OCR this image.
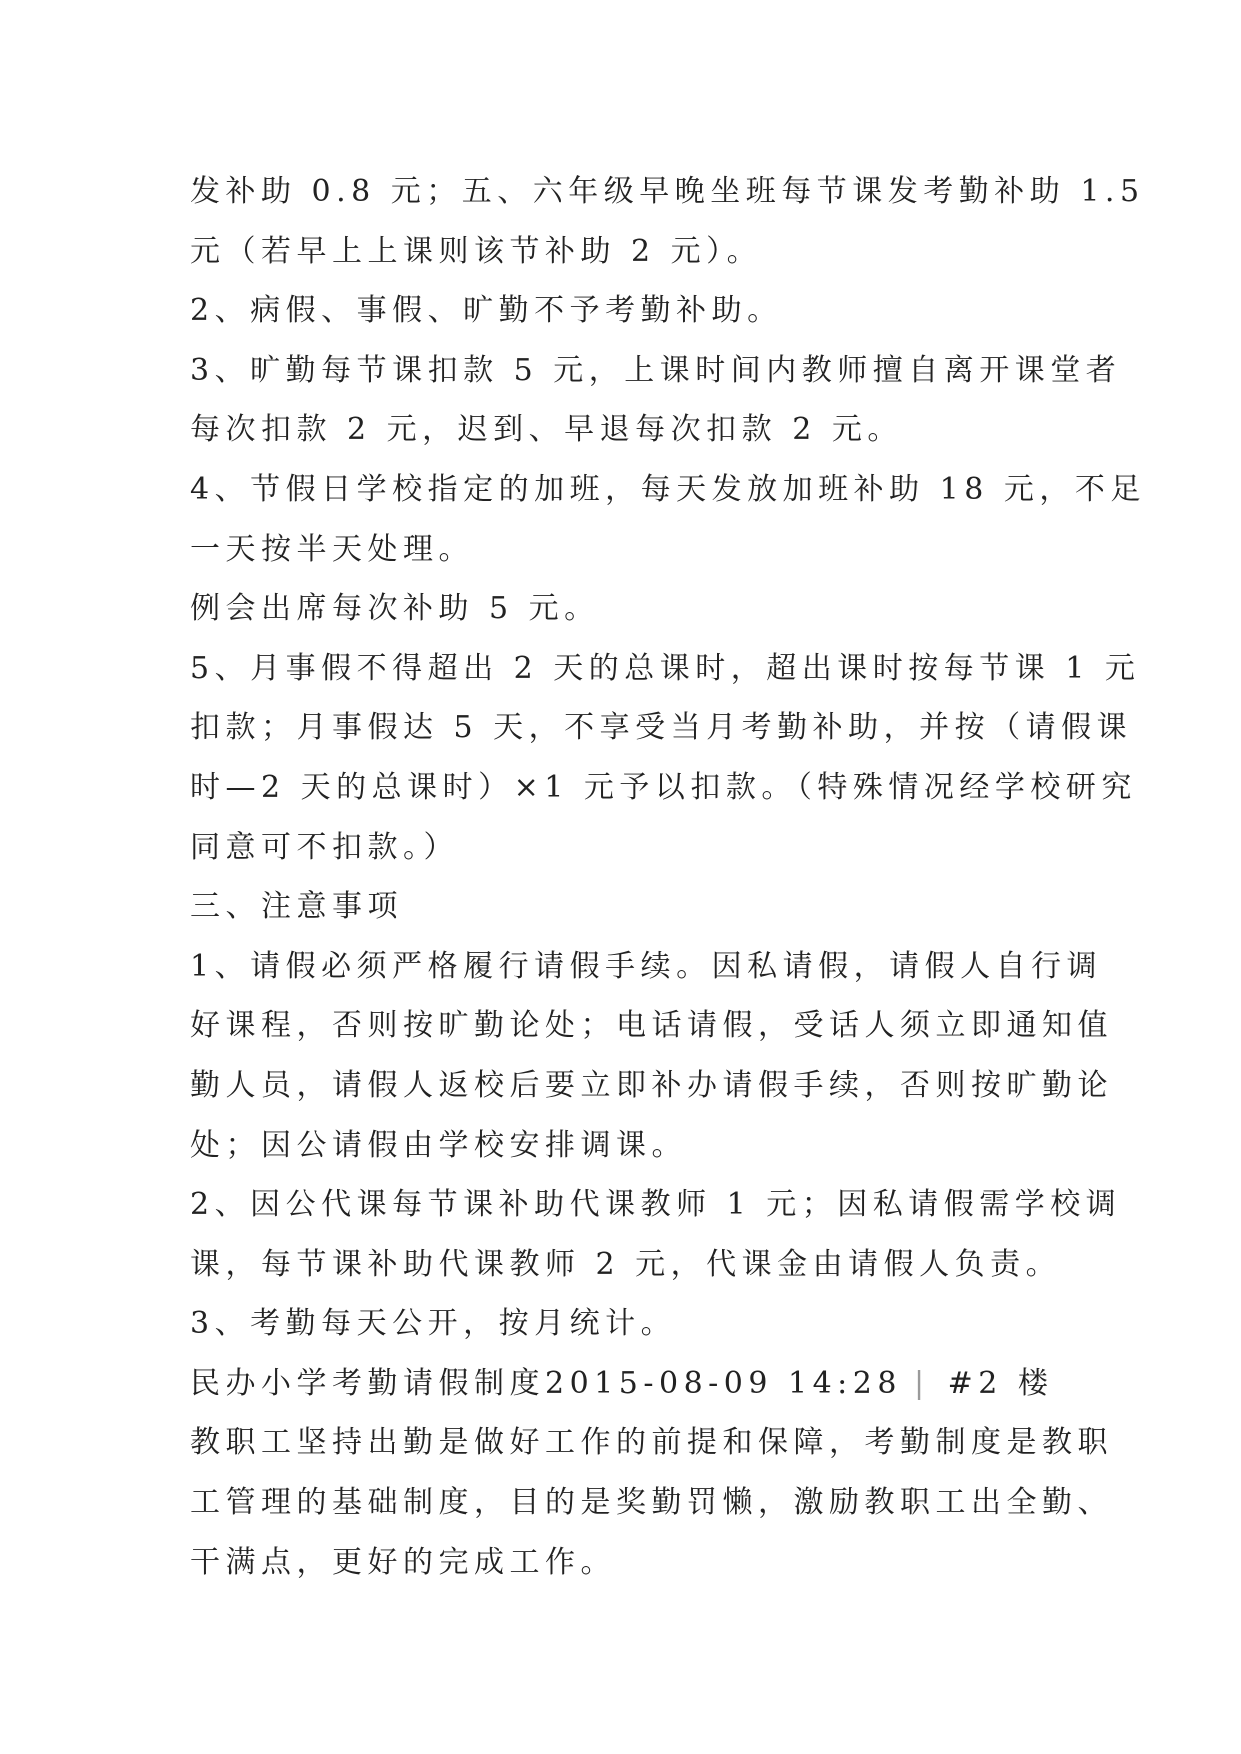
发补助 0.8 元；五、六年级早晚坐班每节课发考勤补助 1.5
元（若早上上课则该节补助 2 元）。
2、病假、事假、旷勤不予考勤补助。
3、旷勤每节课扣款 5 元，上课时间内教师擅自离开课堂者
每次扣款 2 元，迟到、早退每次扣款 2 元。
4、节假日学校指定的加班，每天发放加班补助 18 元，不足
一天按半天处理。
例会出席每次补助 5 元。
5、月事假不得超出 2 天的总课时，超出课时按每节课 1 元
扣款；月事假达 5 天，不享受当月考勤补助，并按（请假课
时—2 天的总课时）×1 元予以扣款。（特殊情况经学校研究
同意可不扣款。）
三、注意事项
1、请假必须严格履行请假手续。因私请假，请假人自行调
好课程，否则按旷勤论处；电话请假，受话人须立即通知值
勤人员，请假人返校后要立即补办请假手续，否则按旷勤论
处；因公请假由学校安排调课。
2、因公代课每节课补助代课教师 1 元；因私请假需学校调
课，每节课补助代课教师 2 元，代课金由请假人负责。
3、考勤每天公开，按月统计。
民办小学考勤请假制度2015-08-09 14:28 | #2 楼
教职工坚持出勤是做好工作的前提和保障，考勤制度是教职
工管理的基础制度，目的是奖勤罚懒，激励教职工出全勤、
干满点，更好的完成工作。
